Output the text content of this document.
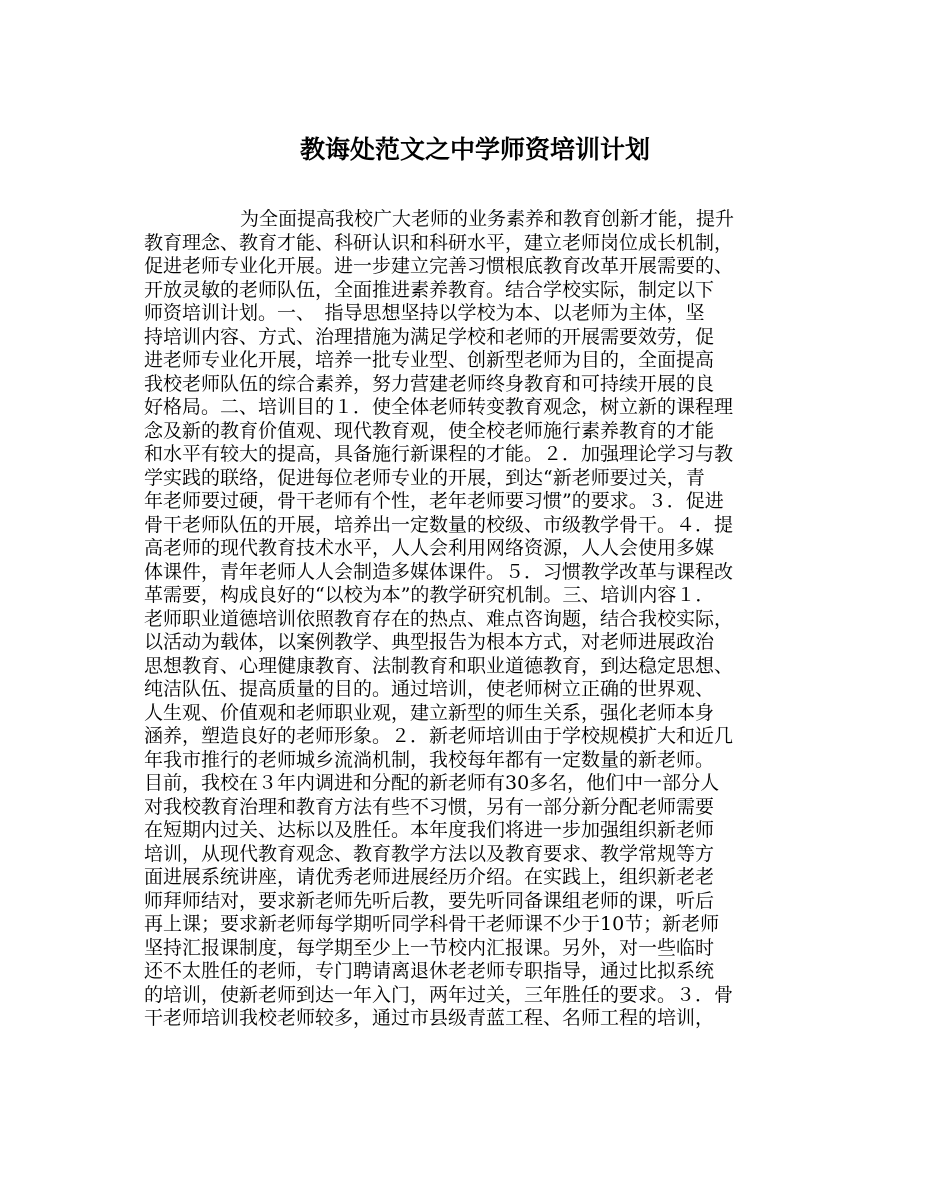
教诲处范文之中学师资培训计划
为全面提高我校广大老师的业务素养和教育创新才能，提升
教育理念、教育才能、科研认识和科研水平，建立老师岗位成长机制，
促进老师专业化开展。进一步建立完善习惯根底教育改革开展需要的、
开放灵敏的老师队伍，全面推进素养教育。结合学校实际，制定以下
师资培训计划。一、　指导思想坚持以学校为本、以老师为主体，坚
持培训内容、方式、治理措施为满足学校和老师的开展需要效劳，促
进老师专业化开展，培养一批专业型、创新型老师为目的，全面提高
我校老师队伍的综合素养，努力营建老师终身教育和可持续开展的良
好格局。二、培训目的１．使全体老师转变教育观念，树立新的课程理
念及新的教育价值观、现代教育观，使全校老师施行素养教育的才能
和水平有较大的提高，具备施行新课程的才能。２．加强理论学习与教
学实践的联络，促进每位老师专业的开展，到达“新老师要过关，青
年老师要过硬，骨干老师有个性，老年老师要习惯”的要求。３．促进
骨干老师队伍的开展，培养出一定数量的校级、市级教学骨干。４．提
高老师的现代教育技术水平，人人会利用网络资源，人人会使用多媒
体课件，青年老师人人会制造多媒体课件。５．习惯教学改革与课程改
革需要，构成良好的“以校为本”的教学研究机制。三、培训内容１．
老师职业道德培训依照教育存在的热点、难点咨询题，结合我校实际，
以活动为载体，以案例教学、典型报告为根本方式，对老师进展政治
思想教育、心理健康教育、法制教育和职业道德教育，到达稳定思想、
纯洁队伍、提高质量的目的。通过培训，使老师树立正确的世界观、
人生观、价值观和老师职业观，建立新型的师生关系，强化老师本身
涵养，塑造良好的老师形象。２．新老师培训由于学校规模扩大和近几
年我市推行的老师城乡流淌机制，我校每年都有一定数量的新老师。
目前，我校在３年内调进和分配的新老师有30多名，他们中一部分人
对我校教育治理和教育方法有些不习惯，另有一部分新分配老师需要
在短期内过关、达标以及胜任。本年度我们将进一步加强组织新老师
培训，从现代教育观念、教育教学方法以及教育要求、教学常规等方
面进展系统讲座，请优秀老师进展经历介绍。在实践上，组织新老老
师拜师结对，要求新老师先听后教，要先听同备课组老师的课，听后
再上课；要求新老师每学期听同学科骨干老师课不少于10节；新老师
坚持汇报课制度，每学期至少上一节校内汇报课。另外，对一些临时
还不太胜任的老师，专门聘请离退休老老师专职指导，通过比拟系统
的培训，使新老师到达一年入门，两年过关，三年胜任的要求。３．骨
干老师培训我校老师较多，通过市县级青蓝工程、名师工程的培训，
